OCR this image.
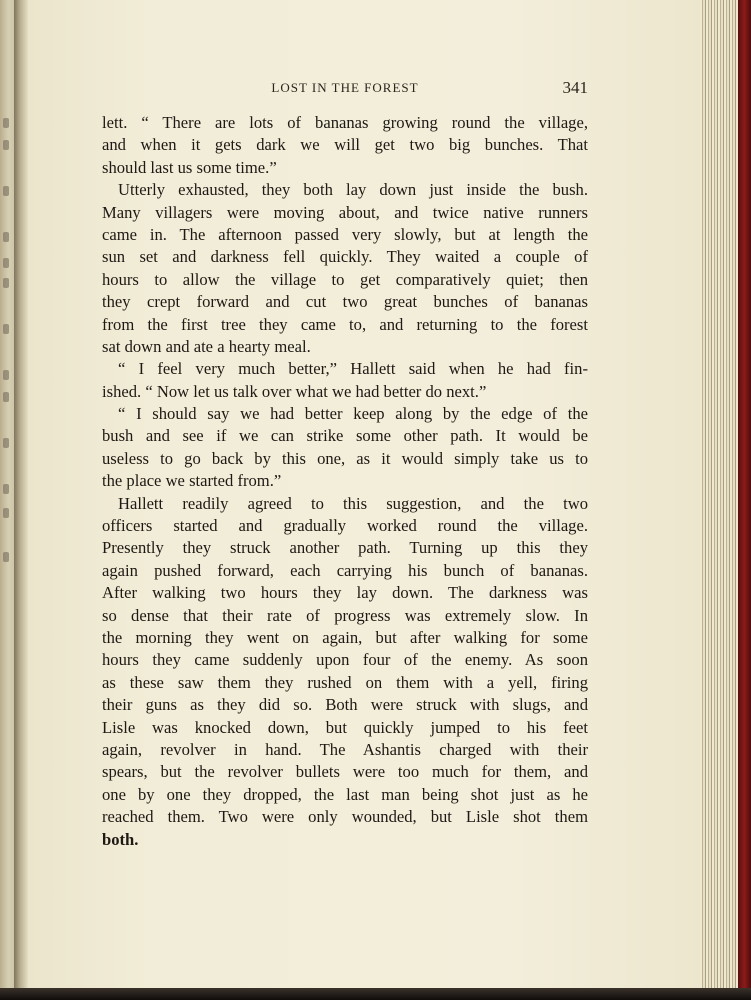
LOST IN THE FOREST	341
lett. “ There are lots of bananas growing round the village,
and when it gets dark we will get two big bunches. That
should last us some time.”
Utterly exhausted, they both lay down just inside the bush.
Many villagers were moving about, and twice native runners
came in. The afternoon passed very slowly, but at length the
sun set and darkness fell quickly. They waited a couple of
hours to allow the village to get comparatively quiet; then
they crept forward and cut two great bunches of bananas
from the first tree they came to, and returning to the forest
sat down and ate a hearty meal.
“ I feel very much better,” Hallett said when he had fin-
ished. “ Now let us talk over what we had better do next.”
“ I should say we had better keep along by the edge of the
bush and see if we can strike some other path. It would be
useless to go back by this one, as it would simply take us to
the place we started from.”
Hallett readily agreed to this suggestion, and the two
officers started and gradually worked round the village.
Presently they struck another path. Turning up this they
again pushed forward, each carrying his bunch of bananas.
After walking two hours they lay down. The darkness was
so dense that their rate of progress was extremely slow. In
the morning they went on again, but after walking for some
hours they came suddenly upon four of the enemy. As soon
as these saw them they rushed on them with a yell, firing
their guns as they did so. Both were struck with slugs, and
Lisle was knocked down, but quickly jumped to his feet
again, revolver in hand. The Ashantis charged with their
spears, but the revolver bullets were too much for them, and
one by one they dropped, the last man being shot just as he
reached them. Two were only wounded, but Lisle shot them
both.
